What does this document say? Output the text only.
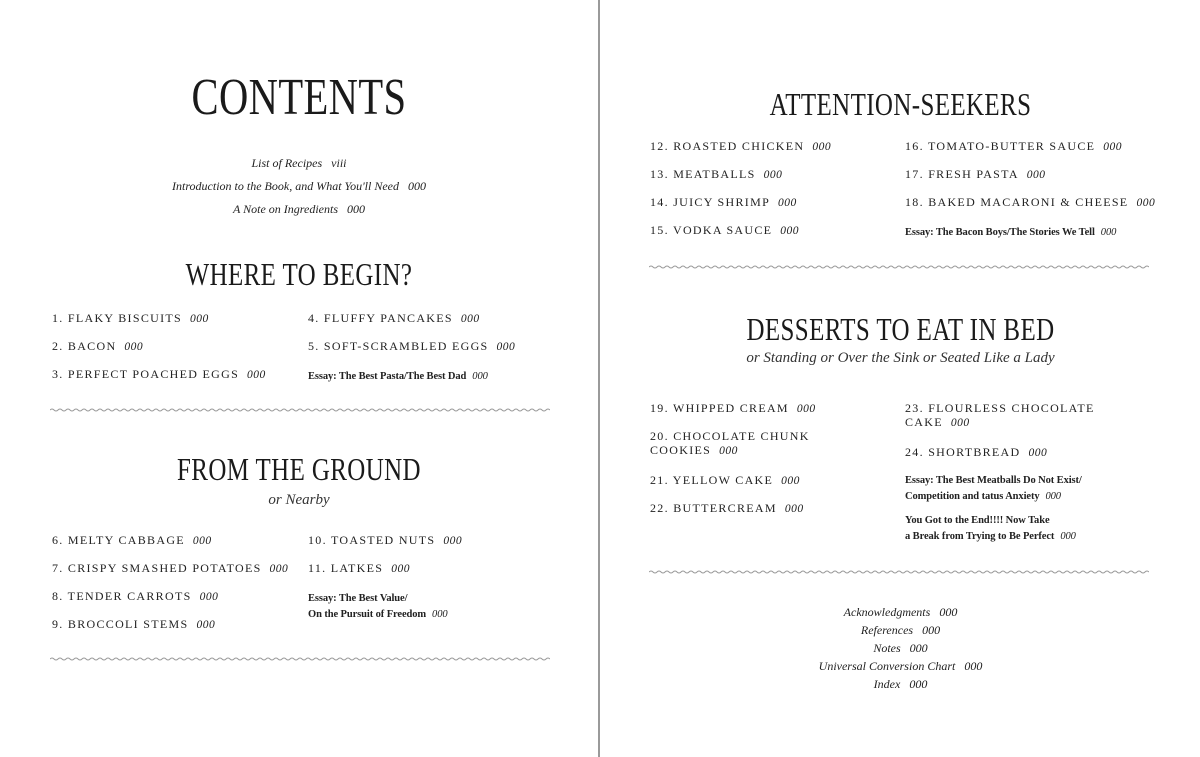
CONTENTS
List of Recipes viii
Introduction to the Book, and What You'll Need 000
A Note on Ingredients 000
WHERE TO BEGIN?
1. FLAKY BISCUITS 000
2. BACON 000
3. PERFECT POACHED EGGS 000
4. FLUFFY PANCAKES 000
5. SOFT-SCRAMBLED EGGS 000
Essay: The Best Pasta/The Best Dad 000
FROM THE GROUND

or Nearby

6. MELTY CABBAGE 000
7. CRISPY SMASHED POTATOES 000
8. TENDER CARROTS 000
9. BROCCOLI STEMS 000
10. TOASTED NUTS 000
11. LATKES 000
Essay: The Best Value/
On the Pursuit of Freedom 000
ATTENTION-SEEKERS
12. ROASTED CHICKEN 000
13. MEATBALLS 000
14. JUICY SHRIMP 000
15. VODKA SAUCE 000
16. TOMATO-BUTTER SAUCE 000
17. FRESH PASTA 000
18. BAKED MACARONI & CHEESE 000
Essay: The Bacon Boys/The Stories We Tell 000
DESSERTS TO EAT IN BED

or Standing or Over the Sink or Seated Like a Lady

19. WHIPPED CREAM 000
20. CHOCOLATE CHUNK
COOKIES 000
21. YELLOW CAKE 000
22. BUTTERCREAM 000
23. FLOURLESS CHOCOLATE
CAKE 000
24. SHORTBREAD 000
Essay: The Best Meatballs Do Not Exist/
Competition and tatus Anxiety 000
You Got to the End!!!! Now Take
a Break from Trying to Be Perfect 000
Acknowledgments 000
References 000
Notes 000
Universal Conversion Chart 000
Index 000
